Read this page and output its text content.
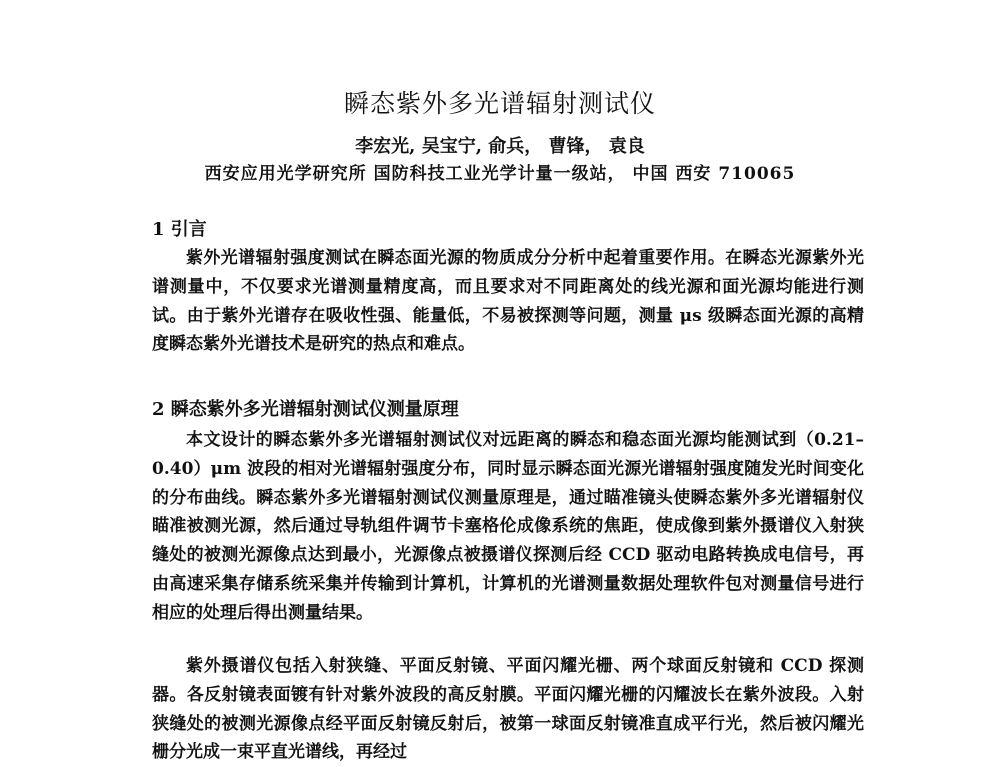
瞬态紫外多光谱辐射测试仪
李宏光, 吴宝宁, 俞兵， 曹锋， 袁良
西安应用光学研究所 国防科技工业光学计量一级站， 中国 西安 710065
1 引言

紫外光谱辐射强度测试在瞬态面光源的物质成分分析中起着重要作用。在瞬态光源紫外光谱测量中，不仅要求光谱测量精度高，而且要求对不同距离处的线光源和面光源均能进行测试。由于紫外光谱存在吸收性强、能量低，不易被探测等问题，测量 μs 级瞬态面光源的高精度瞬态紫外光谱技术是研究的热点和难点。

2 瞬态紫外多光谱辐射测试仪测量原理

本文设计的瞬态紫外多光谱辐射测试仪对远距离的瞬态和稳态面光源均能测试到（0.21–0.40）μm 波段的相对光谱辐射强度分布，同时显示瞬态面光源光谱辐射强度随发光时间变化的分布曲线。瞬态紫外多光谱辐射测试仪测量原理是，通过瞄准镜头使瞬态紫外多光谱辐射仪瞄准被测光源，然后通过导轨组件调节卡塞格伦成像系统的焦距，使成像到紫外摄谱仪入射狭缝处的被测光源像点达到最小，光源像点被摄谱仪探测后经 CCD 驱动电路转换成电信号，再由高速采集存储系统采集并传输到计算机，计算机的光谱测量数据处理软件包对测量信号进行相应的处理后得出测量结果。

紫外摄谱仪包括入射狭缝、平面反射镜、平面闪耀光栅、两个球面反射镜和 CCD 探测器。各反射镜表面镀有针对紫外波段的高反射膜。平面闪耀光栅的闪耀波长在紫外波段。入射狭缝处的被测光源像点经平面反射镜反射后，被第一球面反射镜准直成平行光，然后被闪耀光栅分光成一束平直光谱线，再经过
